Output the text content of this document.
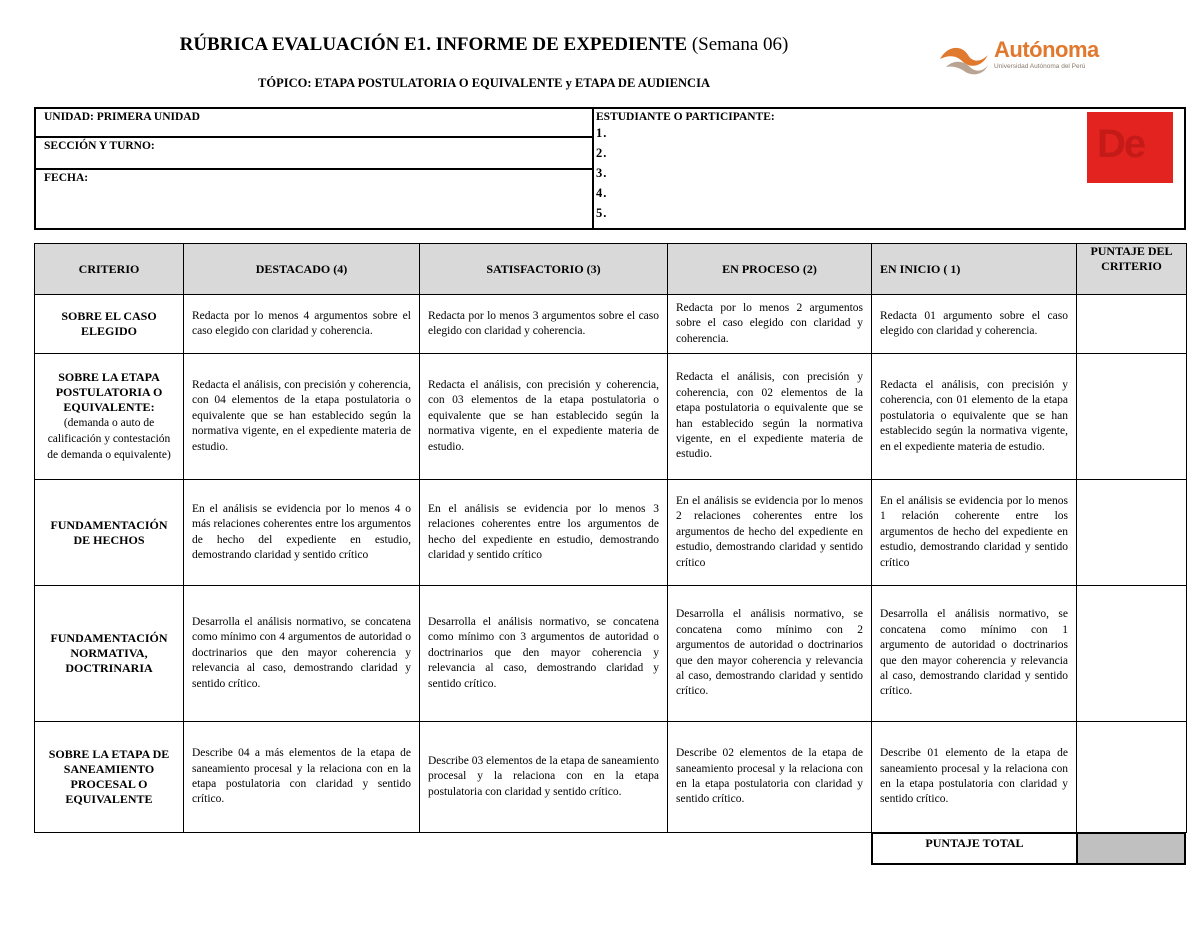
RÚBRICA EVALUACIÓN E1. INFORME DE EXPEDIENTE (Semana 06)
TÓPICO: ETAPA POSTULATORIA O EQUIVALENTE y ETAPA DE AUDIENCIA
Autónoma
Universidad Autónoma del Perú
UNIDAD: PRIMERA UNIDAD
SECCIÓN Y TURNO:
FECHA:
ESTUDIANTE O PARTICIPANTE:
1.
2.
3.
4.
5.
De
CRITERIO	DESTACADO (4)	SATISFACTORIO (3)	EN PROCESO (2)	EN INICIO ( 1)	PUNTAJE DEL CRITERIO
SOBRE EL CASO ELEGIDO	Redacta por lo menos 4 argumentos sobre el caso elegido con claridad y coherencia.	Redacta por lo menos 3 argumentos sobre el caso elegido con claridad y coherencia.	Redacta por lo menos 2 argumentos sobre el caso elegido con claridad y coherencia.	Redacta 01 argumento sobre el caso elegido con claridad y coherencia.	
SOBRE LA ETAPA POSTULATORIA O EQUIVALENTE:
(demanda o auto de calificación y contestación de demanda o equivalente)	Redacta el análisis, con precisión y coherencia, con 04 elementos de la etapa postulatoria o equivalente que se han establecido según la normativa vigente, en el expediente materia de estudio.	Redacta el análisis, con precisión y coherencia, con 03 elementos de la etapa postulatoria o equivalente que se han establecido según la normativa vigente, en el expediente materia de estudio.	Redacta el análisis, con precisión y coherencia, con 02 elementos de la etapa postulatoria o equivalente que se han establecido según la normativa vigente, en el expediente materia de estudio.	Redacta el análisis, con precisión y coherencia, con 01 elemento de la etapa postulatoria o equivalente que se han establecido según la normativa vigente, en el expediente materia de estudio.	
FUNDAMENTACIÓN DE HECHOS	En el análisis se evidencia por lo menos 4 o más relaciones coherentes entre los argumentos de hecho del expediente en estudio, demostrando claridad y sentido crítico	En el análisis se evidencia por lo menos 3 relaciones coherentes entre los argumentos de hecho del expediente en estudio, demostrando claridad y sentido crítico	En el análisis se evidencia por lo menos 2 relaciones coherentes entre los argumentos de hecho del expediente en estudio, demostrando claridad y sentido crítico	En el análisis se evidencia por lo menos 1 relación coherente entre los argumentos de hecho del expediente en estudio, demostrando claridad y sentido crítico	
FUNDAMENTACIÓN NORMATIVA, DOCTRINARIA	Desarrolla el análisis normativo, se concatena como mínimo con 4 argumentos de autoridad o doctrinarios que den mayor coherencia y relevancia al caso, demostrando claridad y sentido crítico.	Desarrolla el análisis normativo, se concatena como mínimo con 3 argumentos de autoridad o doctrinarios que den mayor coherencia y relevancia al caso, demostrando claridad y sentido crítico.	Desarrolla el análisis normativo, se concatena como mínimo con 2 argumentos de autoridad o doctrinarios que den mayor coherencia y relevancia al caso, demostrando claridad y sentido crítico.	Desarrolla el análisis normativo, se concatena como mínimo con 1 argumento de autoridad o doctrinarios que den mayor coherencia y relevancia al caso, demostrando claridad y sentido crítico.	
SOBRE LA ETAPA DE SANEAMIENTO PROCESAL O EQUIVALENTE	Describe 04 a más elementos de la etapa de saneamiento procesal y la relaciona con en la etapa postulatoria con claridad y sentido crítico.	Describe 03 elementos de la etapa de saneamiento procesal y la relaciona con en la etapa postulatoria con claridad y sentido crítico.	Describe 02 elementos de la etapa de saneamiento procesal y la relaciona con en la etapa postulatoria con claridad y sentido crítico.	Describe 01 elemento de la etapa de saneamiento procesal y la relaciona con en la etapa postulatoria con claridad y sentido crítico.	
PUNTAJE TOTAL
